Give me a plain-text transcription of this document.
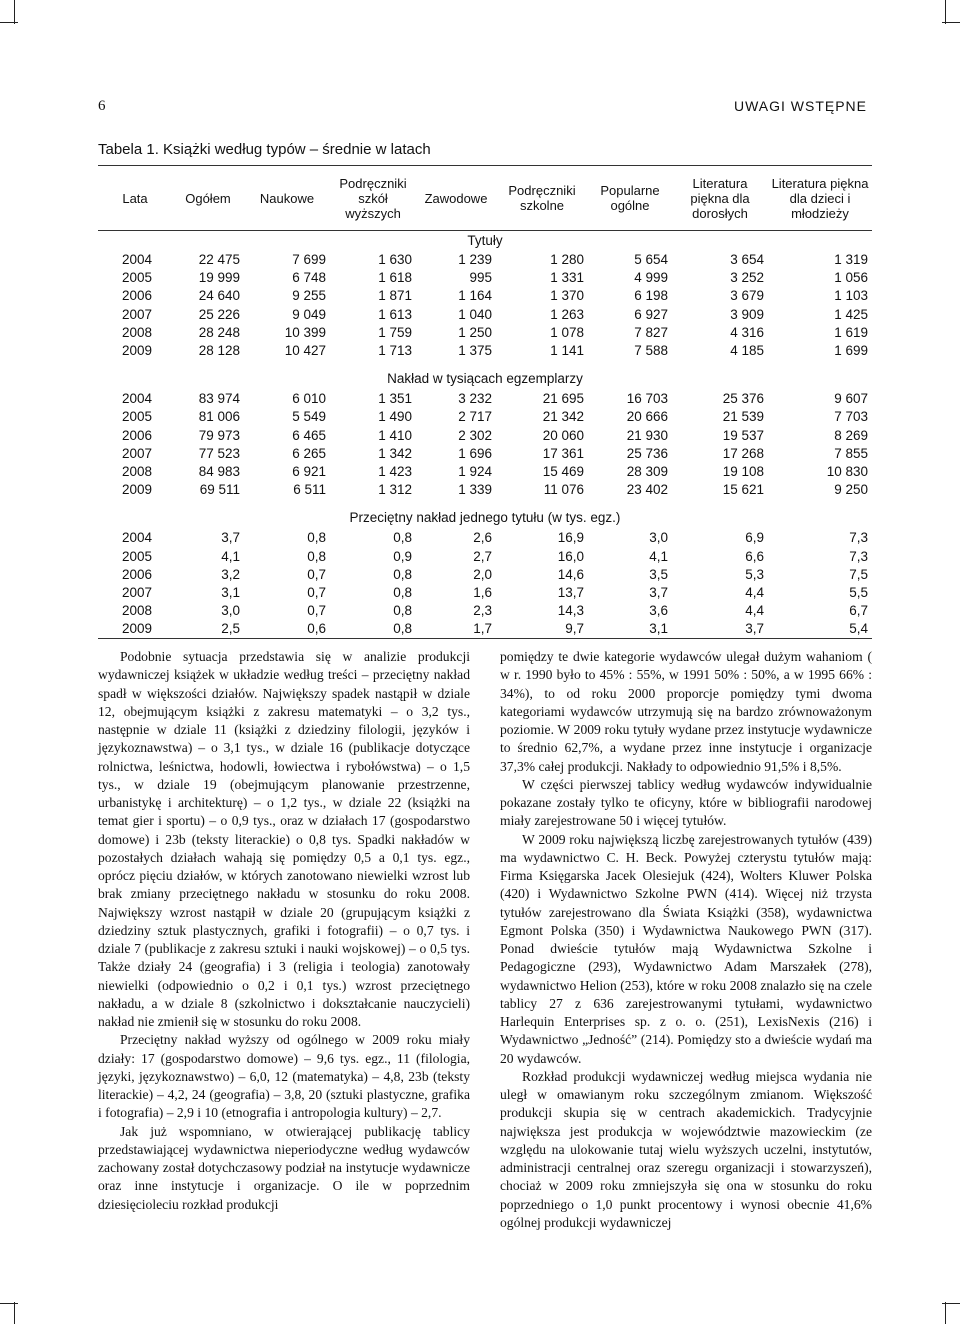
6	UWAGI WSTĘPNE
Tabela 1. Książki według typów – średnie w latach
Lata	Ogółem	Naukowe	Podręczniki szkół wyższych	Zawodowe	Podręczniki szkolne	Popularne ogólne	Literatura piękna dla dorosłych	Literatura piękna dla dzieci i młodzieży
Tytuły								
2004	22 475	7 699	1 630	1 239	1 280	5 654	3 654	1 319
2005	19 999	6 748	1 618	995	1 331	4 999	3 252	1 056
2006	24 640	9 255	1 871	1 164	1 370	6 198	3 679	1 103
2007	25 226	9 049	1 613	1 040	1 263	6 927	3 909	1 425
2008	28 248	10 399	1 759	1 250	1 078	7 827	4 316	1 619
2009	28 128	10 427	1 713	1 375	1 141	7 588	4 185	1 699

Nakład w tysiącach egzemplarzy								
2004	83 974	6 010	1 351	3 232	21 695	16 703	25 376	9 607
2005	81 006	5 549	1 490	2 717	21 342	20 666	21 539	7 703
2006	79 973	6 465	1 410	2 302	20 060	21 930	19 537	8 269
2007	77 523	6 265	1 342	1 696	17 361	25 736	17 268	7 855
2008	84 983	6 921	1 423	1 924	15 469	28 309	19 108	10 830
2009	69 511	6 511	1 312	1 339	11 076	23 402	15 621	9 250

Przeciętny nakład jednego tytułu (w tys. egz.)								
2004	3,7	0,8	0,8	2,6	16,9	3,0	6,9	7,3
2005	4,1	0,8	0,9	2,7	16,0	4,1	6,6	7,3
2006	3,2	0,7	0,8	2,0	14,6	3,5	5,3	7,5
2007	3,1	0,7	0,8	1,6	13,7	3,7	4,4	5,5
2008	3,0	0,7	0,8	2,3	14,3	3,6	4,4	6,7
2009	2,5	0,6	0,8	1,7	9,7	3,1	3,7	5,4

Podobnie sytuacja przedstawia się w analizie produkcji wydawniczej książek w układzie według treści – przeciętny nakład spadł w większości działów. Największy spadek nastąpił w dziale 12, obejmującym książki z zakresu matematyki – o 3,2 tys., następnie w dziale 11 (książki z dziedziny filologii, języków i językoznawstwa) – o 3,1 tys., w dziale 16 (publikacje dotyczące rolnictwa, leśnictwa, hodowli, łowiectwa i rybołówstwa) – o 1,5 tys., w dziale 19 (obejmującym planowanie przestrzenne, urbanistykę i architekturę) – o 1,2 tys., w dziale 22 (książki na temat gier i sportu) – o 0,9 tys., oraz w działach 17 (gospodarstwo domowe) i 23b (teksty literackie) o 0,8 tys. Spadki nakładów w pozostałych działach wahają się pomiędzy 0,5 a 0,1 tys. egz., oprócz pięciu działów, w których zanotowano niewielki wzrost lub brak zmiany przeciętnego nakładu w stosunku do roku 2008. Największy wzrost nastąpił w dziale 20 (grupującym książki z dziedziny sztuk plastycznych, grafiki i fotografii) – o 0,7 tys. i dziale 7 (publikacje z zakresu sztuki i nauki wojskowej) – o 0,5 tys. Także działy 24 (geografia) i 3 (religia i teologia) zanotowały niewielki (odpowiednio o 0,2 i 0,1 tys.) wzrost przeciętnego nakładu, a w dziale 8 (szkolnictwo i dokształcanie nauczycieli) nakład nie zmienił się w stosunku do roku 2008.

Przeciętny nakład wyższy od ogólnego w 2009 roku miały działy: 17 (gospodarstwo domowe) – 9,6 tys. egz., 11 (filologia, języki, językoznawstwo) – 6,0, 12 (matematyka) – 4,8, 23b (teksty literackie) – 4,2, 24 (geografia) – 3,8, 20 (sztuki plastyczne, grafika i fotografia) – 2,9 i 10 (etnografia i antropologia kultury) – 2,7.

Jak już wspomniano, w otwierającej publikację tablicy przedstawiającej wydawnictwa nieperiodyczne według wydawców zachowany został dotychczasowy podział na instytucje wydawnicze oraz inne instytucje i organizacje. O ile w poprzednim dziesięcioleciu rozkład produkcji

pomiędzy te dwie kategorie wydawców ulegał dużym wahaniom ( w r. 1990 było to 45% : 55%, w 1991 50% : 50%, a w 1995 66% : 34%), to od roku 2000 proporcje pomiędzy tymi dwoma kategoriami wydawców utrzymują się na bardzo zrównoważonym poziomie. W 2009 roku tytuły wydane przez instytucje wydawnicze to średnio 62,7%, a wydane przez inne instytucje i organizacje 37,3% całej produkcji. Nakłady to odpowiednio 91,5% i 8,5%.

W części pierwszej tablicy według wydawców indywidualnie pokazane zostały tylko te oficyny, które w bibliografii narodowej miały zarejestrowane 50 i więcej tytułów.

W 2009 roku największą liczbę zarejestrowanych tytułów (439) ma wydawnictwo C. H. Beck. Powyżej czterystu tytułów mają: Firma Księgarska Jacek Olesiejuk (424), Wolters Kluwer Polska (420) i Wydawnictwo Szkolne PWN (414). Więcej niż trzysta tytułów zarejestrowano dla Świata Książki (358), wydawnictwa Egmont Polska (350) i Wydawnictwa Naukowego PWN (317). Ponad dwieście tytułów mają Wydawnictwa Szkolne i Pedagogiczne (293), Wydawnictwo Adam Marszałek (278), wydawnictwo Helion (253), które w roku 2008 znalazło się na czele tablicy 27 z 636 zarejestrowanymi tytułami, wydawnictwo Harlequin Enterprises sp. z o. o. (251), LexisNexis (216) i Wydawnictwo „Jedność” (214). Pomiędzy sto a dwieście wydań ma 20 wydawców.

Rozkład produkcji wydawniczej według miejsca wydania nie uległ w omawianym roku szczególnym zmianom. Większość produkcji skupia się w centrach akademickich. Tradycyjnie największa jest produkcja w województwie mazowieckim (ze względu na ulokowanie tutaj wielu wyższych uczelni, instytutów, administracji centralnej oraz szeregu organizacji i stowarzyszeń), chociaż w 2009 roku zmniejszyła się ona w stosunku do roku poprzedniego o 1,0 punkt procentowy i wynosi obecnie 41,6% ogólnej produkcji wydawniczej
